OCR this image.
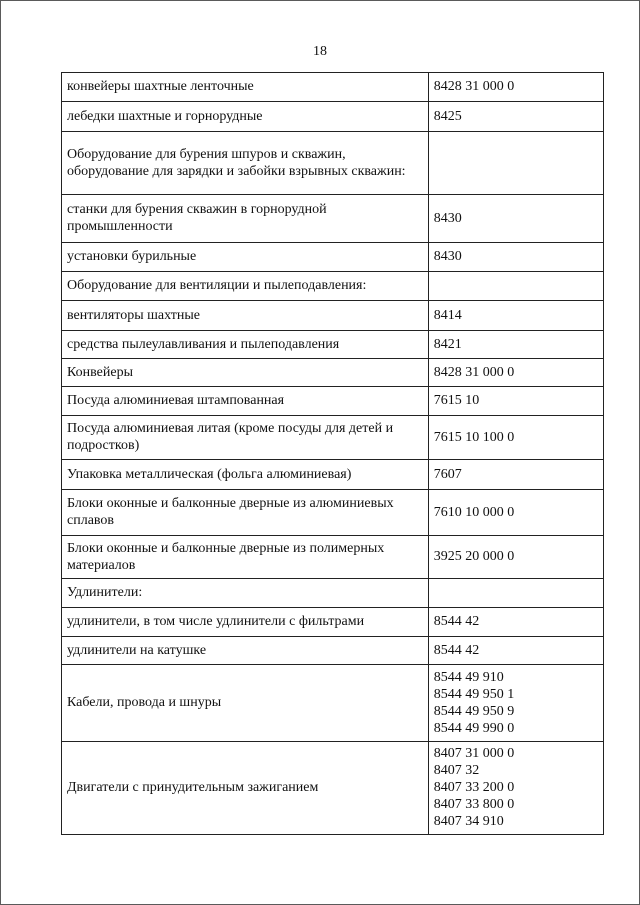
18
конвейеры шахтные ленточные	8428 31 000 0
лебедки шахтные и горнорудные	8425
Оборудование для бурения шпуров и скважин, оборудование для зарядки и забойки взрывных скважин:	
станки для бурения скважин в горнорудной промышленности	8430
установки бурильные	8430
Оборудование для вентиляции и пылеподавления:	
вентиляторы шахтные	8414
средства пылеулавливания и пылеподавления	8421
Конвейеры	8428 31 000 0
Посуда алюминиевая штампованная	7615 10
Посуда алюминиевая литая (кроме посуды для детей и подростков)	7615 10 100 0
Упаковка металлическая (фольга алюминиевая)	7607
Блоки оконные и балконные дверные из алюминиевых сплавов	7610 10 000 0
Блоки оконные и балконные дверные из полимерных материалов	3925 20 000 0
Удлинители:	
удлинители, в том числе удлинители с фильтрами	8544 42
удлинители на катушке	8544 42
Кабели, провода и шнуры	8544 49 910
8544 49 950 1
8544 49 950 9
8544 49 990 0

Двигатели с принудительным зажиганием	8407 31 000 0
8407 32
8407 33 200 0
8407 33 800 0
8407 34 910
